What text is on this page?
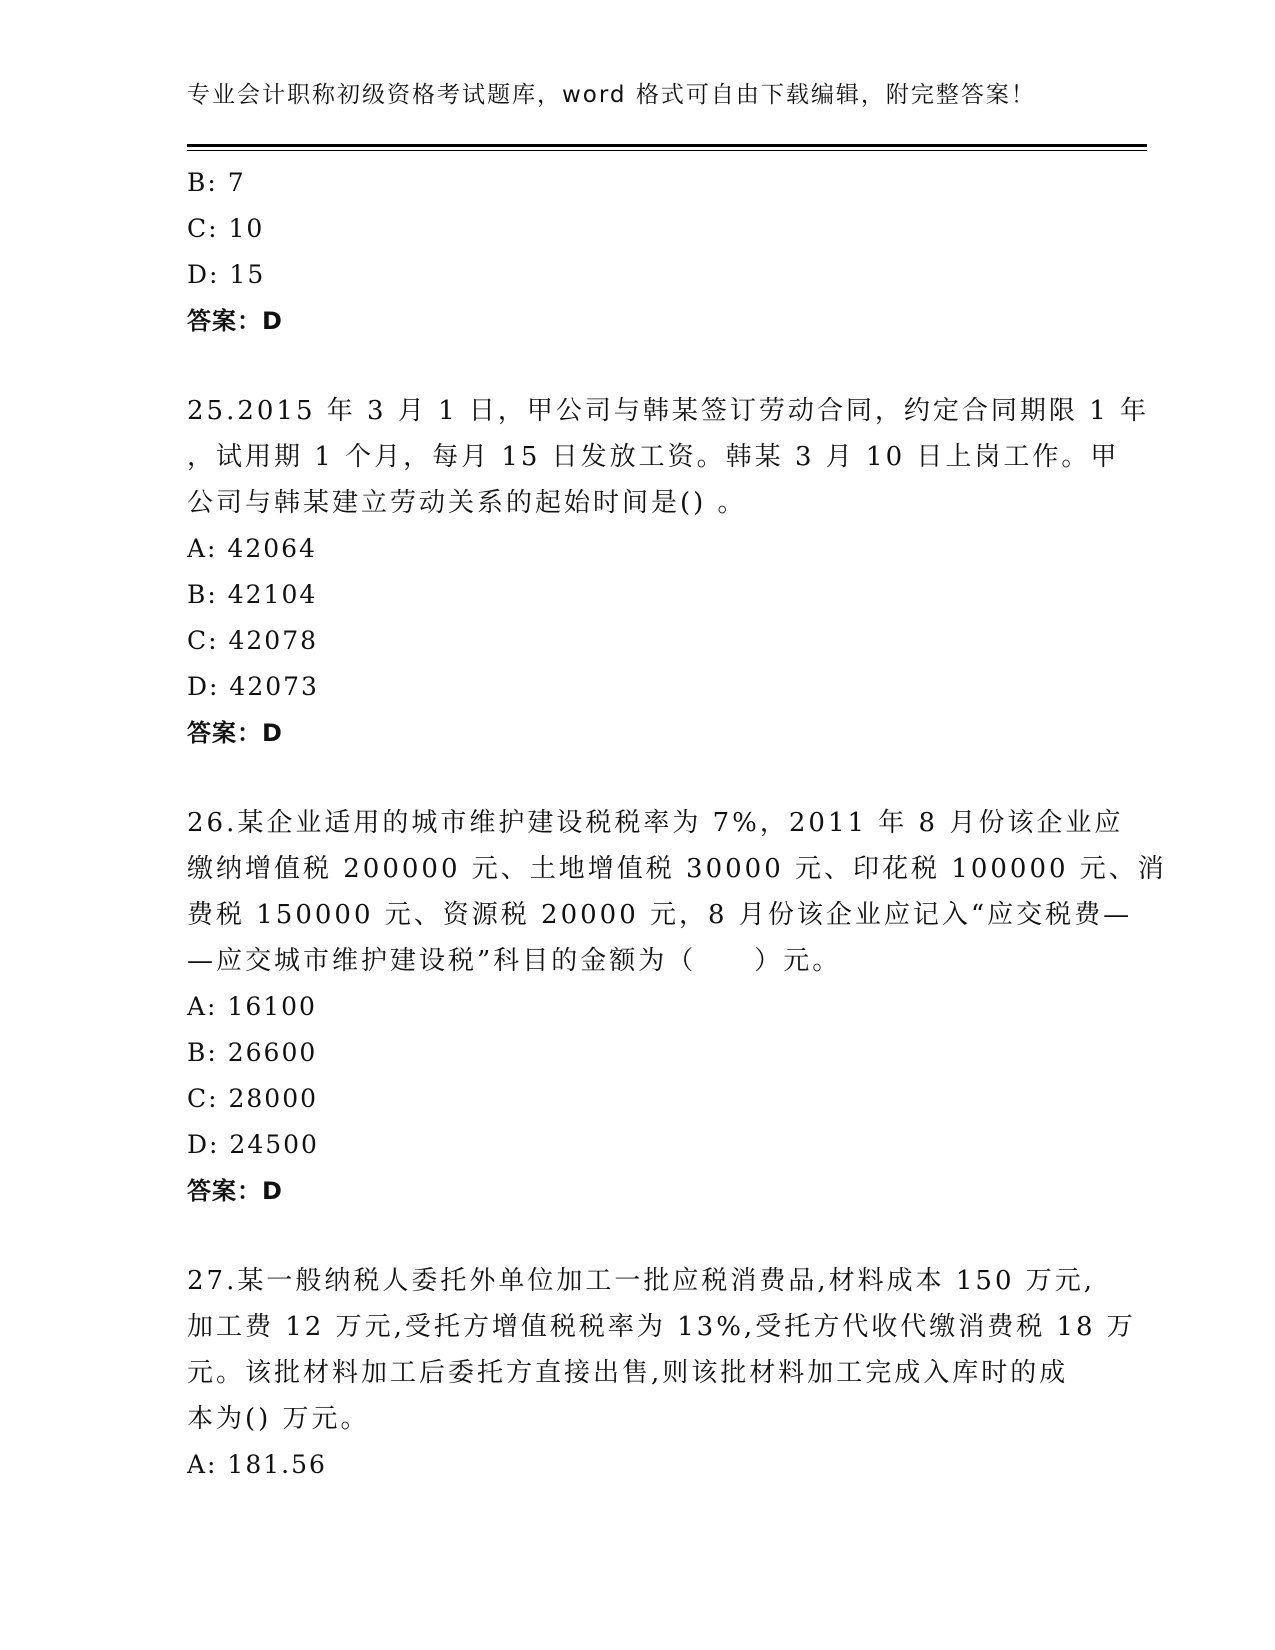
专业会计职称初级资格考试题库，word 格式可自由下载编辑，附完整答案！
B: 7
C: 10
D: 15
答案：D
25.2015 年 3 月 1 日，甲公司与韩某签订劳动合同，约定合同期限 1 年
，试用期 1 个月，每月 15 日发放工资。韩某 3 月 10 日上岗工作。甲
公司与韩某建立劳动关系的起始时间是() 。
A: 42064
B: 42104
C: 42078
D: 42073
答案：D
26.某企业适用的城市维护建设税税率为 7%，2011 年 8 月份该企业应
缴纳增值税 200000 元、土地增值税 30000 元、印花税 100000 元、消
费税 150000 元、资源税 20000 元，8 月份该企业应记入“应交税费—
—应交城市维护建设税”科目的金额为（　　）元。
A: 16100
B: 26600
C: 28000
D: 24500
答案：D
27.某一般纳税人委托外单位加工一批应税消费品,材料成本 150 万元,
加工费 12 万元,受托方增值税税率为 13%,受托方代收代缴消费税 18 万
元。该批材料加工后委托方直接出售,则该批材料加工完成入库时的成
本为() 万元。
A: 181.56
